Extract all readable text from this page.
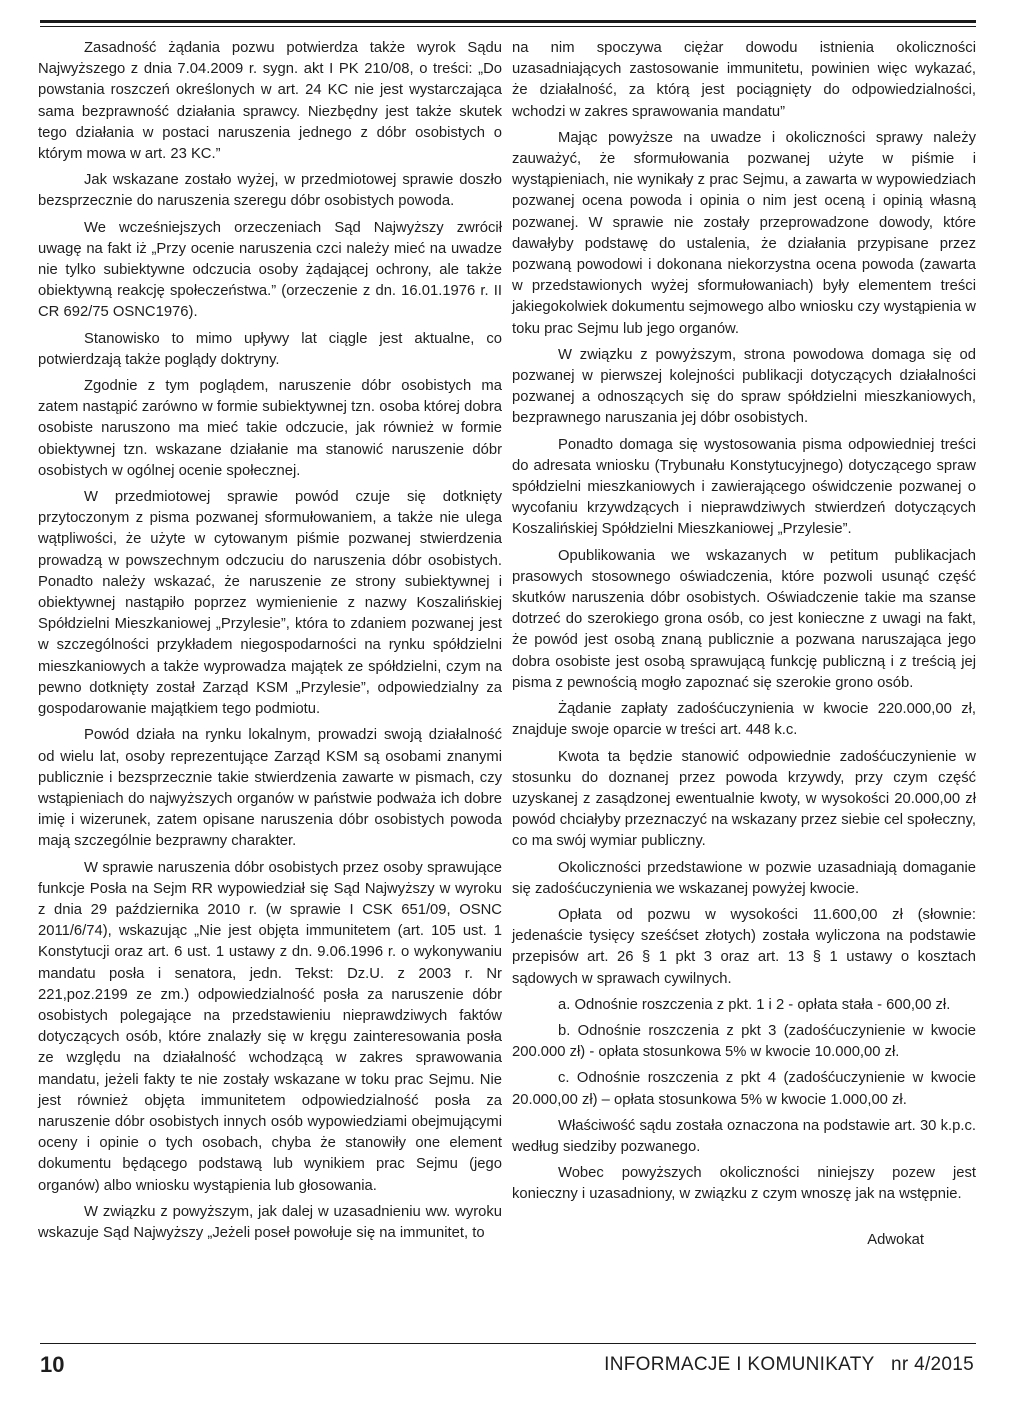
Zasadność żądania pozwu potwierdza także wyrok Sądu Najwyższego z dnia 7.04.2009 r. sygn. akt I PK 210/08, o treści: „Do powstania roszczeń określonych w art. 24 KC nie jest wystarczająca sama bezprawność działania sprawcy. Niezbędny jest także skutek tego działania w postaci naruszenia jednego z dóbr osobistych o którym mowa w art. 23 KC.”

Jak wskazane zostało wyżej, w przedmiotowej sprawie doszło bezsprzecznie do naruszenia szeregu dóbr osobistych powoda.

We wcześniejszych orzeczeniach Sąd Najwyższy zwrócił uwagę na fakt iż „Przy ocenie naruszenia czci należy mieć na uwadze nie tylko subiektywne odczucia osoby żądającej ochrony, ale także obiektywną reakcję społeczeństwa.” (orzeczenie z dn. 16.01.1976 r. II CR 692/75 OSNC1976).

Stanowisko to mimo upływy lat ciągle jest aktualne, co potwierdzają także poglądy doktryny.

Zgodnie z tym poglądem, naruszenie dóbr osobistych ma zatem nastąpić zarówno w formie subiektywnej tzn. osoba której dobra osobiste naruszono ma mieć takie odczucie, jak również w formie obiektywnej tzn. wskazane działanie ma stanowić naruszenie dóbr osobistych w ogólnej ocenie społecznej.

W przedmiotowej sprawie powód czuje się dotknięty przytoczonym z pisma pozwanej sformułowaniem, a także nie ulega wątpliwości, że użyte w cytowanym piśmie pozwanej stwierdzenia prowadzą w powszechnym odczuciu do naruszenia dóbr osobistych. Ponadto należy wskazać, że naruszenie ze strony subiektywnej i obiektywnej nastąpiło poprzez wymienienie z nazwy Koszalińskiej Spółdzielni Mieszkaniowej „Przylesie”, która to zdaniem pozwanej jest w szczególności przykładem niegospodarności na rynku spółdzielni mieszkaniowych a także wyprowadza majątek ze spółdzielni, czym na pewno dotknięty został Zarząd KSM „Przylesie”, odpowiedzialny za gospodarowanie majątkiem tego podmiotu.

Powód działa na rynku lokalnym, prowadzi swoją działalność od wielu lat, osoby reprezentujące Zarząd KSM są osobami znanymi publicznie i bezsprzecznie takie stwierdzenia zawarte w pismach, czy wstąpieniach do najwyższych organów w państwie podważa ich dobre imię i wizerunek, zatem opisane naruszenia dóbr osobistych powoda mają szczególnie bezprawny charakter.

W sprawie naruszenia dóbr osobistych przez osoby sprawujące funkcje Posła na Sejm RR wypowiedział się Sąd Najwyższy w wyroku z dnia 29 października 2010 r. (w sprawie I CSK 651/09, OSNC 2011/6/74), wskazując „Nie jest objęta immunitetem (art. 105 ust. 1 Konstytucji oraz art. 6 ust. 1 ustawy z dn. 9.06.1996 r. o wykonywaniu mandatu posła i senatora, jedn. Tekst: Dz.U. z 2003 r. Nr 221,poz.2199 ze zm.) odpowiedzialność posła za naruszenie dóbr osobistych polegające na przedstawieniu nieprawdziwych faktów dotyczących osób, które znalazły się w kręgu zainteresowania posła ze względu na działalność wchodzącą w zakres sprawowania mandatu, jeżeli fakty te nie zostały wskazane w toku prac Sejmu. Nie jest również objęta immunitetem odpowiedzialność posła za naruszenie dóbr osobistych innych osób wypowiedziami obejmującymi oceny i opinie o tych osobach, chyba że stanowiły one element dokumentu będącego podstawą lub wynikiem prac Sejmu (jego organów) albo wniosku wystąpienia lub głosowania.

W związku z powyższym, jak dalej w uzasadnieniu ww. wyroku wskazuje Sąd Najwyższy „Jeżeli poseł powołuje się na immunitet, to

na nim spoczywa ciężar dowodu istnienia okoliczności uzasadniających zastosowanie immunitetu, powinien więc wykazać, że działalność, za którą jest pociągnięty do odpowiedzialności, wchodzi w zakres sprawowania mandatu”

Mając powyższe na uwadze i okoliczności sprawy należy zauważyć, że sformułowania pozwanej użyte w piśmie i wystąpieniach, nie wynikały z prac Sejmu, a zawarta w wypowiedziach pozwanej ocena powoda i opinia o nim jest oceną i opinią własną pozwanej. W sprawie nie zostały przeprowadzone dowody, które dawałyby podstawę do ustalenia, że działania przypisane przez pozwaną powodowi i dokonana niekorzystna ocena powoda (zawarta w przedstawionych wyżej sformułowaniach) były elementem treści jakiegokolwiek dokumentu sejmowego albo wniosku czy wystąpienia w toku prac Sejmu lub jego organów.

W związku z powyższym, strona powodowa domaga się od pozwanej w pierwszej kolejności publikacji dotyczących działalności pozwanej a odnoszących się do spraw spółdzielni mieszkaniowych, bezprawnego naruszania jej dóbr osobistych.

Ponadto domaga się wystosowania pisma odpowiedniej treści do adresata wniosku (Trybunału Konstytucyjnego) dotyczącego spraw spółdzielni mieszkaniowych i zawierającego oświdczenie pozwanej o wycofaniu krzywdzących i nieprawdziwych stwierdzeń dotyczących Koszalińskiej Spółdzielni Mieszkaniowej „Przylesie”.

Opublikowania we wskazanych w petitum publikacjach prasowych stosownego oświadczenia, które pozwoli usunąć część skutków naruszenia dóbr osobistych. Oświadczenie takie ma szanse dotrzeć do szerokiego grona osób, co jest konieczne z uwagi na fakt, że powód jest osobą znaną publicznie a pozwana naruszająca jego dobra osobiste jest osobą sprawującą funkcję publiczną i z treścią jej pisma z pewnością mogło zapoznać się szerokie grono osób.

Żądanie zapłaty zadośćuczynienia w kwocie 220.000,00 zł, znajduje swoje oparcie w treści art. 448 k.c.

Kwota ta będzie stanowić odpowiednie zadośćuczynienie w stosunku do doznanej przez powoda krzywdy, przy czym część uzyskanej z zasądzonej ewentualnie kwoty, w wysokości 20.000,00 zł powód chciałyby przeznaczyć na wskazany przez siebie cel społeczny, co ma swój wymiar publiczny.

Okoliczności przedstawione w pozwie uzasadniają domaganie się zadośćuczynienia we wskazanej powyżej kwocie.

Opłata od pozwu w wysokości 11.600,00 zł (słownie: jedenaście tysięcy sześćset złotych) została wyliczona na podstawie przepisów art. 26 § 1 pkt 3 oraz art. 13 § 1 ustawy o kosztach sądowych w sprawach cywilnych.

a. Odnośnie roszczenia z pkt. 1 i 2 - opłata stała - 600,00 zł.

b. Odnośnie roszczenia z pkt 3 (zadośćuczynienie w kwocie 200.000 zł) - opłata stosunkowa 5% w kwocie 10.000,00 zł.

c. Odnośnie roszczenia z pkt 4 (zadośćuczynienie w kwocie 20.000,00 zł) – opłata stosunkowa 5% w kwocie 1.000,00 zł.

Właściwość sądu została oznaczona na podstawie art. 30 k.p.c. według siedziby pozwanego.

Wobec powyższych okoliczności niniejszy pozew jest konieczny i uzasadniony, w związku z czym wnoszę jak na wstępnie.

Adwokat
10	INFORMACJE I KOMUNIKATY   nr 4/2015
